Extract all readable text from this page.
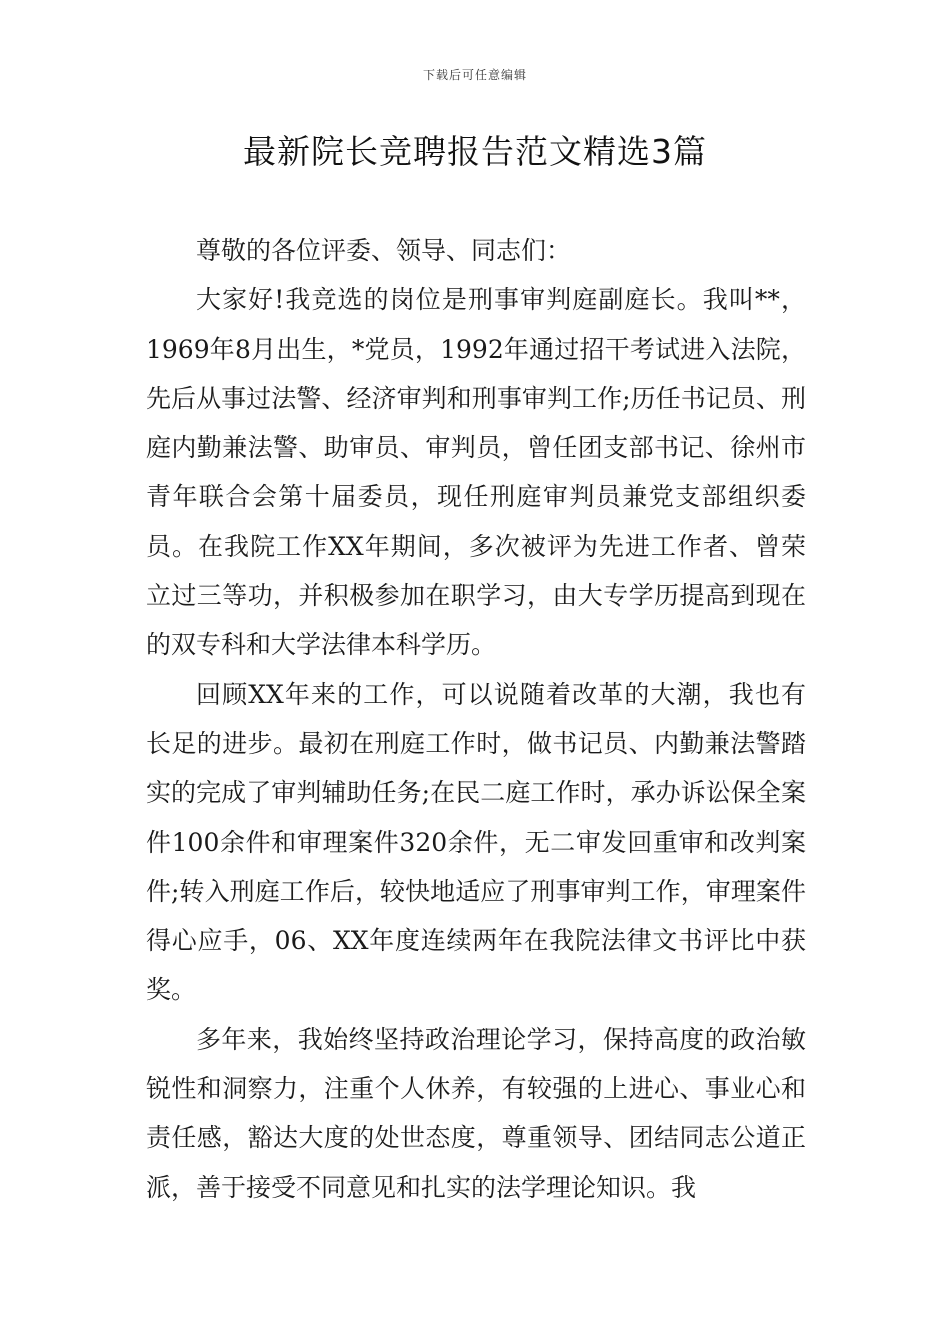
下载后可任意编辑
最新院长竞聘报告范文精选3篇

尊敬的各位评委、领导、同志们：

大家好!我竞选的岗位是刑事审判庭副庭长。我叫**，1969年8月出生，*党员，1992年通过招干考试进入法院，先后从事过法警、经济审判和刑事审判工作;历任书记员、刑庭内勤兼法警、助审员、审判员，曾任团支部书记、徐州市青年联合会第十届委员，现任刑庭审判员兼党支部组织委员。在我院工作XX年期间，多次被评为先进工作者、曾荣立过三等功，并积极参加在职学习，由大专学历提高到现在的双专科和大学法律本科学历。

回顾XX年来的工作，可以说随着改革的大潮，我也有长足的进步。最初在刑庭工作时，做书记员、内勤兼法警踏实的完成了审判辅助任务;在民二庭工作时，承办诉讼保全案件100余件和审理案件320余件，无二审发回重审和改判案件;转入刑庭工作后，较快地适应了刑事审判工作，审理案件得心应手，06、XX年度连续两年在我院法律文书评比中获奖。

多年来，我始终坚持政治理论学习，保持高度的政治敏锐性和洞察力，注重个人休养，有较强的上进心、事业心和责任感，豁达大度的处世态度，尊重领导、团结同志公道正派，善于接受不同意见和扎实的法学理论知识。我
